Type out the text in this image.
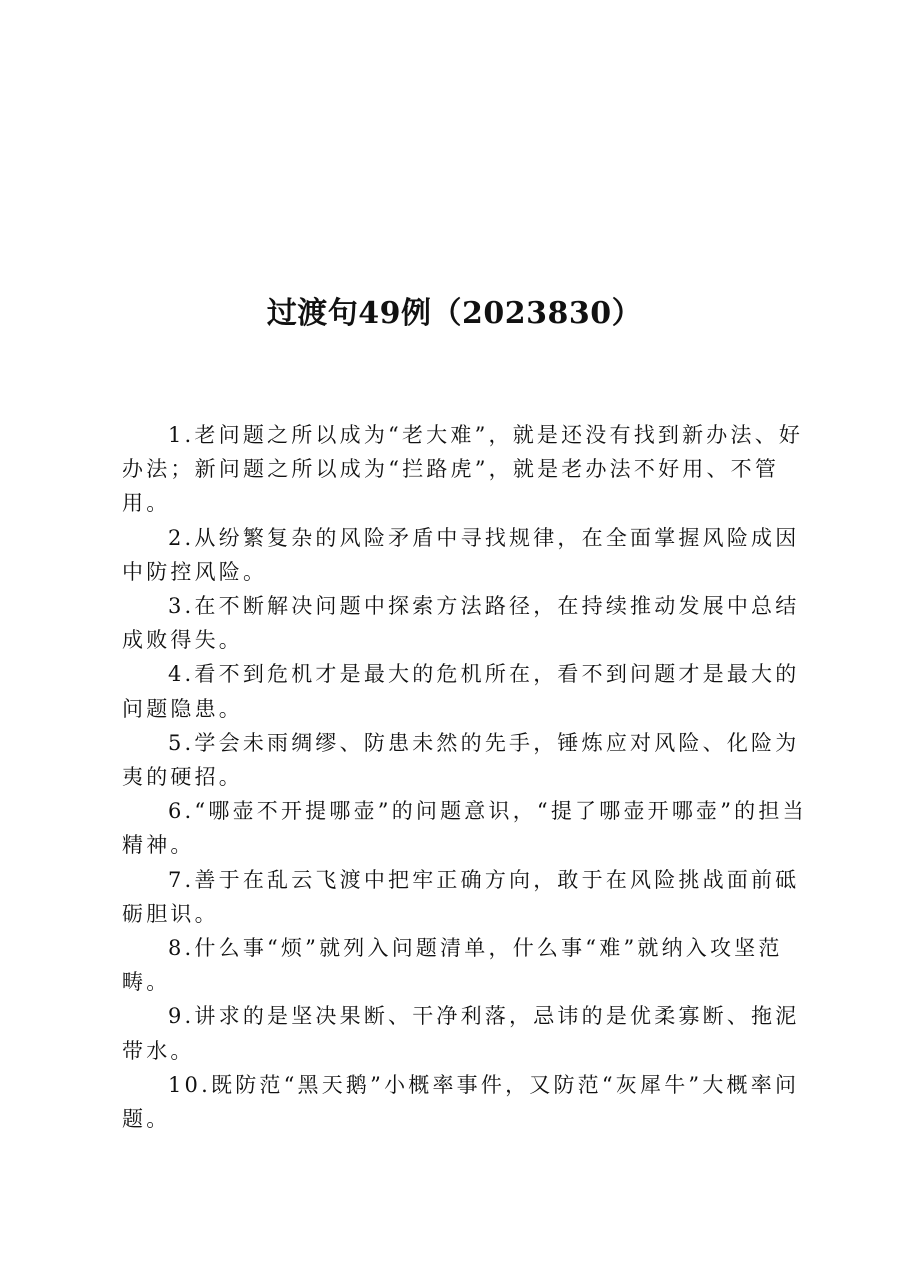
过渡句49例（2023830）

1.老问题之所以成为“老大难”，就是还没有找到新办法、好办法；新问题之所以成为“拦路虎”，就是老办法不好用、不管用。

2.从纷繁复杂的风险矛盾中寻找规律，在全面掌握风险成因中防控风险。

3.在不断解决问题中探索方法路径，在持续推动发展中总结成败得失。

4.看不到危机才是最大的危机所在，看不到问题才是最大的问题隐患。

5.学会未雨绸缪、防患未然的先手，锤炼应对风险、化险为夷的硬招。

6.“哪壶不开提哪壶”的问题意识，“提了哪壶开哪壶”的担当精神。

7.善于在乱云飞渡中把牢正确方向，敢于在风险挑战面前砥砺胆识。

8.什么事“烦”就列入问题清单，什么事“难”就纳入攻坚范畴。

9.讲求的是坚决果断、干净利落，忌讳的是优柔寡断、拖泥带水。

10.既防范“黑天鹅”小概率事件，又防范“灰犀牛”大概率问题。
